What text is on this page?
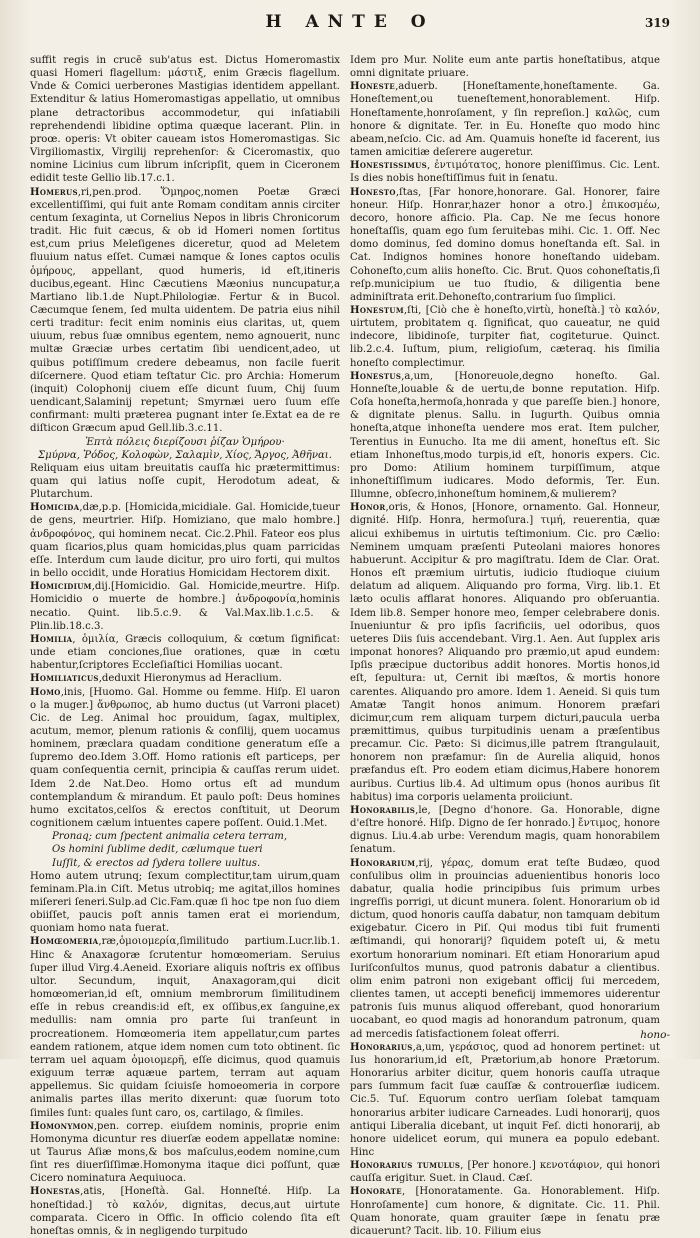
H ANTE O	319

suffit regis in crucē sub'atus est. Dictus Homeromastix quasi Homeri flagellum: μάστιξ, enim Græcis flagellum. Vnde & Comici uerberones Mastigias identidem appellant. Extenditur & latius Homeromastigas appellatio, ut omnibus plane detractoribus accommodetur, qui inſatiabili reprehendendi libidine optima quæque lacerant. Plin. in proœ. operis: Vt obiter caueam istos Homeromastigas. Sic Virgiliomastix, Virgilij reprehenſor: & Ciceromastix, quo nomine Licinius cum librum inſcripſit, quem in Ciceronem edidit teste Gellio lib.17.c.1.

Homerus,ri,pen.prod. Ὅμηρος,nomen Poetæ Græci excellentiſſimi, qui fuit ante Romam conditam annis circiter centum ſexaginta, ut Cornelius Nepos in libris Chronicorum tradit. Hic fuit cæcus, & ob id Homeri nomen ſortitus est,cum prius Meleſigenes diceretur, quod ad Meletem fluuium natus eſſet. Cumæi namque & Iones captos oculis ὁμήρους, appellant, quod humeris, id eſt,itineris ducibus,egeant. Hinc Cæcutiens Mæonius nuncupatur,a Martiano lib.1.de Nupt.Philologiæ. Fertur & in Bucol. Cæcumque ſenem, ſed multa uidentem. De patria eius nihil certi traditur: fecit enim nominis eius claritas, ut, quem uiuum, rebus ſuæ omnibus egentem, nemo agnouerit, nunc multæ Græciæ urbes certatim ſibi uendicent,adeo, ut quibus potiſſimum credere debeamus, non facile fuerit diſcernere. Quod etiam teſtatur Cic. pro Archia: Homerum (inquit) Colophonij ciuem eſſe dicunt ſuum, Chij ſuum uendicant,Salaminij repetunt; Smyrnæi uero ſuum eſſe confirmant: multi præterea pugnant inter ſe.Extat ea de re diſticon Græcum apud Gell.lib.3.c.11.

Ἑπτὰ πόλεις διερίζουσι ῥίζαν Ὁμήρου·

Σμύρνα, Ῥόδος, Κολοφὼν, Σαλαμὶν, Χίος, Ἄργος, Ἀθῆναι.

Reliquam eius uitam breuitatis cauſſa hic prætermittimus: quam qui latius noſſe cupit, Herodotum adeat, & Plutarchum.

Homicida,dæ,p.p. [Homicida,micidiale. Gal. Homicide,tueur de gens, meurtrier. Hiſp. Homiziano, que malo hombre.] ἀνδροφόνος, qui hominem necat. Cic.2.Phil. Fateor eos plus quam ſicarios,plus quam homicidas,plus quam parricidas eſſe. Interdum cum laude dicitur, pro uiro forti, qui multos in bello occidit, unde Horatius Homicidam Hectorem dixit.

Homicidium,dij.[Homicidio. Gal. Homicide,meurtre. Hiſp. Homicidio o muerte de hombre.] ἀνδροφονία,hominis necatio. Quint. lib.5.c.9. & Val.Max.lib.1.c.5. & Plin.lib.18.c.3.

Homilia, ὁμιλία, Græcis colloquium, & cœtum ſignificat: unde etiam conciones,ſiue orationes, quæ in cœtu habentur,ſcriptores Eccleſiaſtici Homilias uocant.

Homiliaticus,deduxit Hieronymus ad Heraclium.

Homo,inis, [Huomo. Gal. Homme ou femme. Hiſp. El uaron o la muger.] ἄνθρωπος, ab humo ductus (ut Varroni placet) Cic. de Leg. Animal hoc prouidum, ſagax, multiplex, acutum, memor, plenum rationis & conſilij, quem uocamus hominem, præclara quadam conditione generatum eſſe a ſupremo deo.Idem 3.Off. Homo rationis eſt particeps, per quam conſequentia cernit, principia & cauſſas rerum uidet. Idem 2.de Nat.Deo. Homo ortus eſt ad mundum contemplandum & mirandum. Et paulo poſt: Deus homines humo excitatos,celſos & erectos conſtituit, ut Deorum cognitionem cælum intuentes capere poſſent. Ouid.1.Met.

Pronaq; cum ſpectent animalia cetera terram,

Os homini ſublime dedit, cælumque tueri

Iuſſit, & erectos ad ſydera tollere uultus.

Homo autem utrunq; ſexum complectitur,tam uirum,quam feminam.Pla.in Ciſt. Metus utrobiq; me agitat,illos homines miſereri ſeneri.Sulp.ad Cic.Fam.quæ ſi hoc tpe non ſuo diem obiiſſet, paucis poſt annis tamen erat ei moriendum, quoniam homo nata fuerat.

Homœomeria,ræ,ὁμοιομερία,ſimilitudo partium.Lucr.lib.1. Hinc & Anaxagoræ ſcrutentur homœomeriam. Seruius ſuper illud Virg.4.Aeneid. Exoriare aliquis noſtris ex oſſibus ultor. Secundum, inquit, Anaxagoram,qui dicit homœomerian,id eſt, omnium membrorum ſimilitudinem eſſe in rebus creandis:id eſt, ex oſſibus,ex ſanguine,ex medullis: nam omnia pro parte ſui tranſeunt in procreationem. Homœomeria item appellatur,cum partes eandem rationem, atque idem nomen cum toto obtinent. ſic terram uel aquam ὁμοιομερῆ, eſſe dicimus, quod quamuis exiguum terræ aquæue partem, terram aut aquam appellemus. Sic quidam ſciuisſe homoeomeria in corpore animalis partes illas merito dixerunt: quæ ſuorum toto ſimiles ſunt: quales ſunt caro, os, cartilago, & ſimiles.

Homonymon,pen. correp. eiuſdem nominis, proprie enim Homonyma dicuntur res diuerſæ eodem appellatæ nomine: ut Taurus Aſiæ mons,& bos maſculus,eodem nomine,cum ſint res diuerſiſſimæ.Homonyma itaque dici poſſunt, quæ Cicero nominatura Aequiuoca.

Honestas,atis, [Honeſtà. Gal. Honneſté. Hiſp. La honeſtidad.] τὸ καλόν, dignitas, decus,aut uirtute comparata. Cicero in Offic. In officio colendo ſita eſt honeſtas omnis, & in negligendo turpitudo

Idem pro Mur. Nolite eum ante partis honeſtatibus, atque omni dignitate priuare.

Honeste,aduerb. [Honeſtamente,honeſtamente. Ga. Honeſtement,ou tueneſtement,honorablement. Hiſp. Honeſtamente,honroſament, y ſin repreſion.] καλῶς, cum honore & dignitate. Ter. in Eu. Honeſte quo modo hinc abeam,neſcio. Cic. ad Am. Quamuis honeſte id facerent, ius tamen amicitiæ deſerere augeretur.

Honestissimus, ἐντιμότατος, honore pleniſſimus. Cic. Lent. Is dies nobis honeſtiſſimus fuit in ſenatu.

Honesto,ſtas, [Far honore,honorare. Gal. Honorer, faire honeur. Hiſp. Honrar,hazer honor a otro.] ἐπικοσμέω, decoro, honore aſficio. Pla. Cap. Ne me ſecus honore honeſtaſſis, quam ego ſum ſeruitebas mihi. Cic. 1. Off. Nec domo dominus, ſed domino domus honeſtanda eſt. Sal. in Cat. Indignos homines honore honeſtando uidebam. Cohoneſto,cum aliis honeſto. Cic. Brut. Quos cohoneſtatis,ſi reſp.municipium ue tuo ſtudio, & diligentia bene adminiſtrata erit.Dehoneſto,contrarium ſuo ſimplici.

Honestum,ſti, [Ciò che è honeſto,virtù, honeſtà.] τὸ καλόν, uirtutem, probitatem q. ſignificat, quo caueatur, ne quid indecore, libidinoſe, turpiter fiat, cogiteturue. Quinct. lib.2.c.4. Iuſtum, pium, religioſum, cæteraq. his ſimilia honeſto complectimur.

Honestus,a,um, [Honoreuole,degno honeſto. Gal. Honneſte,louable & de uertu,de bonne reputation. Hiſp. Coſa honeſta,hermoſa,honrada y que pareſſe bien.] honore, & dignitate plenus. Sallu. in Iugurth. Quibus omnia honeſta,atque inhoneſta uendere mos erat. Item pulcher, Terentius in Eunucho. Ita me dii ament, honeſtus eſt. Sic etiam Inhoneſtus,modo turpis,id eſt, honoris expers. Cic. pro Domo: Atilium hominem turpiſſimum, atque inhoneſtiſſimum iudicares. Modo deformis, Ter. Eun. Illumne, obſecro,inhoneſtum hominem,& mulierem?

Honor,oris, & Honos, [Honore, ornamento. Gal. Honneur, dignité. Hiſp. Honra, hermoſura.] τιμή, reuerentia, quæ alicui exhibemus in uirtutis teſtimonium. Cic. pro Cælio: Neminem umquam præſenti Puteolani maiores honores habuerunt. Accipitur & pro magiſtratu. Idem de Clar. Orat. Honos eſt præmium uirtutis, iudicio ſtudioque ciuium delatum ad aliquem. Aliquando pro forma, Virg. lib.1. Et læto oculis afflarat honores. Aliquando pro obſeruantia. Idem lib.8. Semper honore meo, ſemper celebrabere donis. Inueniuntur & pro ipſis ſacrificiis, uel odoribus, quos ueteres Diis ſuis accendebant. Virg.1. Aen. Aut ſupplex aris imponat honores? Aliquando pro præmio,ut apud eundem: Ipſis præcipue ductoribus addit honores. Mortis honos,id eſt, ſepultura: ut, Cernit ibi mæſtos, & mortis honore carentes. Aliquando pro amore. Idem 1. Aeneid. Si quis tum Amatæ Tangit honos animum. Honorem præfari dicimur,cum rem aliquam turpem dicturi,paucula uerba præmittimus, quibus turpitudinis uenam a præſentibus precamur. Cic. Pæto: Si dicimus,ille patrem ſtrangulauit, honorem non præfamur: ſin de Aurelia aliquid, honos præfandus eſt. Pro eodem etiam dicimus,Habere honorem auribus. Curtius lib.4. Ad ultimum opus (honos auribus ſit habitus) ima corporis uelamenta proiiciunt.

Honorabilis,le, [Degno d'honore. Ga. Honorable, digne d'eſtre honoré. Hiſp. Digno de ſer honrado.] ἔντιμος, honore dignus. Liu.4.ab urbe: Verendum magis, quam honorabilem ſenatum.

Honorarium,rij, γέρας, domum erat teſte Budæo, quod conſulibus olim in prouincias aduenientibus honoris loco dabatur, qualia hodie principibus ſuis primum urbes ingreſſis porrigi, ut dicunt munera. ſolent. Honorarium ob id dictum, quod honoris cauſſa dabatur, non tamquam debitum exigebatur. Cicero in Piſ. Qui modus tibi fuit frumenti æſtimandi, qui honorarij? ſiquidem poteſt ui, & metu exortum honorarium nominari. Eſt etiam Honorarium apud Iuriſconſultos munus, quod patronis dabatur a clientibus. olim enim patroni non exigebant officij ſui mercedem, clientes tamen, ut accepti beneficij immemores uiderentur patronis ſuis munus aliquod offerebant, quod honorarium uocabant, eo quod magis ad honorandum patronum, quam ad mercedis ſatisfactionem ſoleat offerri.

Honorarius,a,um, γεράσιος, quod ad honorem pertinet: ut Ius honorarium,id eſt, Prætorium,ab honore Prætorum. Honorarius arbiter dicitur, quem honoris cauſſa utraque pars ſummum facit ſuæ cauſſæ & controuerſiæ iudicem. Cic.5. Tuſ. Equorum contro uerſiam ſolebat tamquam honorarius arbiter iudicare Carneades. Ludi honorarij, quos antiqui Liberalia dicebant, ut inquit Feſ. dicti honorarij, ab honore uidelicet eorum, qui munera ea populo edebant. Hinc

Honorarius tumulus, [Per honore.] κενοτάφιον, qui honori cauſſa erigitur. Suet. in Claud. Cæſ.

Honorate, [Honoratamente. Ga. Honorablement. Hiſp. Honroſamente] cum honore, & dignitate. Cic. 11. Phil. Quam honorate, quam grauiter ſæpe in ſenatu præ dicauerunt? Tacit. lib. 10. Filium eius

hono-
